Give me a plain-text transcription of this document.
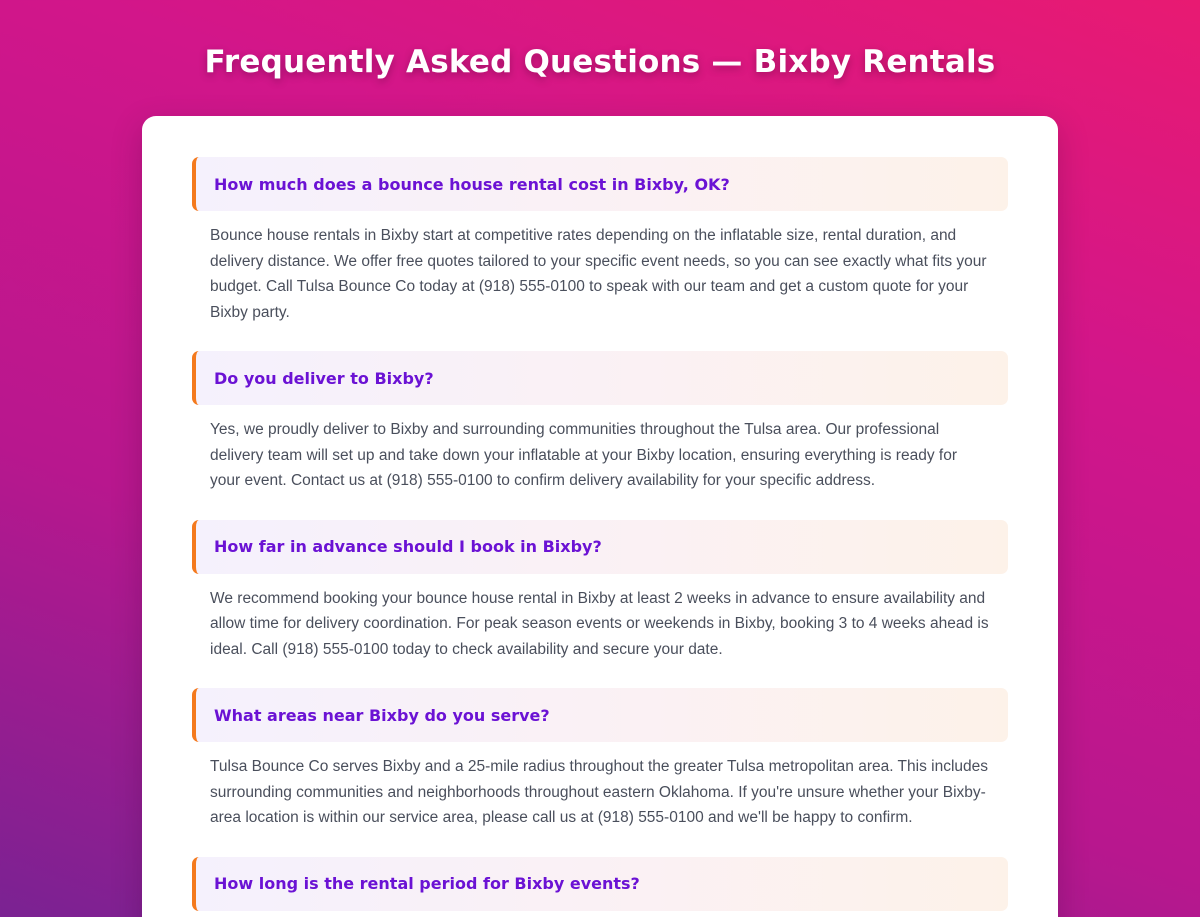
Frequently Asked Questions — Bixby Rentals
How much does a bounce house rental cost in Bixby, OK?
Bounce house rentals in Bixby start at competitive rates depending on the inflatable size, rental duration, and delivery distance. We offer free quotes tailored to your specific event needs, so you can see exactly what fits your budget. Call Tulsa Bounce Co today at (918) 555-0100 to speak with our team and get a custom quote for your Bixby party.
Do you deliver to Bixby?
Yes, we proudly deliver to Bixby and surrounding communities throughout the Tulsa area. Our professional delivery team will set up and take down your inflatable at your Bixby location, ensuring everything is ready for your event. Contact us at (918) 555-0100 to confirm delivery availability for your specific address.
How far in advance should I book in Bixby?
We recommend booking your bounce house rental in Bixby at least 2 weeks in advance to ensure availability and allow time for delivery coordination. For peak season events or weekends in Bixby, booking 3 to 4 weeks ahead is ideal. Call (918) 555-0100 today to check availability and secure your date.
What areas near Bixby do you serve?
Tulsa Bounce Co serves Bixby and a 25-mile radius throughout the greater Tulsa metropolitan area. This includes surrounding communities and neighborhoods throughout eastern Oklahoma. If you're unsure whether your Bixby-area location is within our service area, please call us at (918) 555-0100 and we'll be happy to confirm.
How long is the rental period for Bixby events?
